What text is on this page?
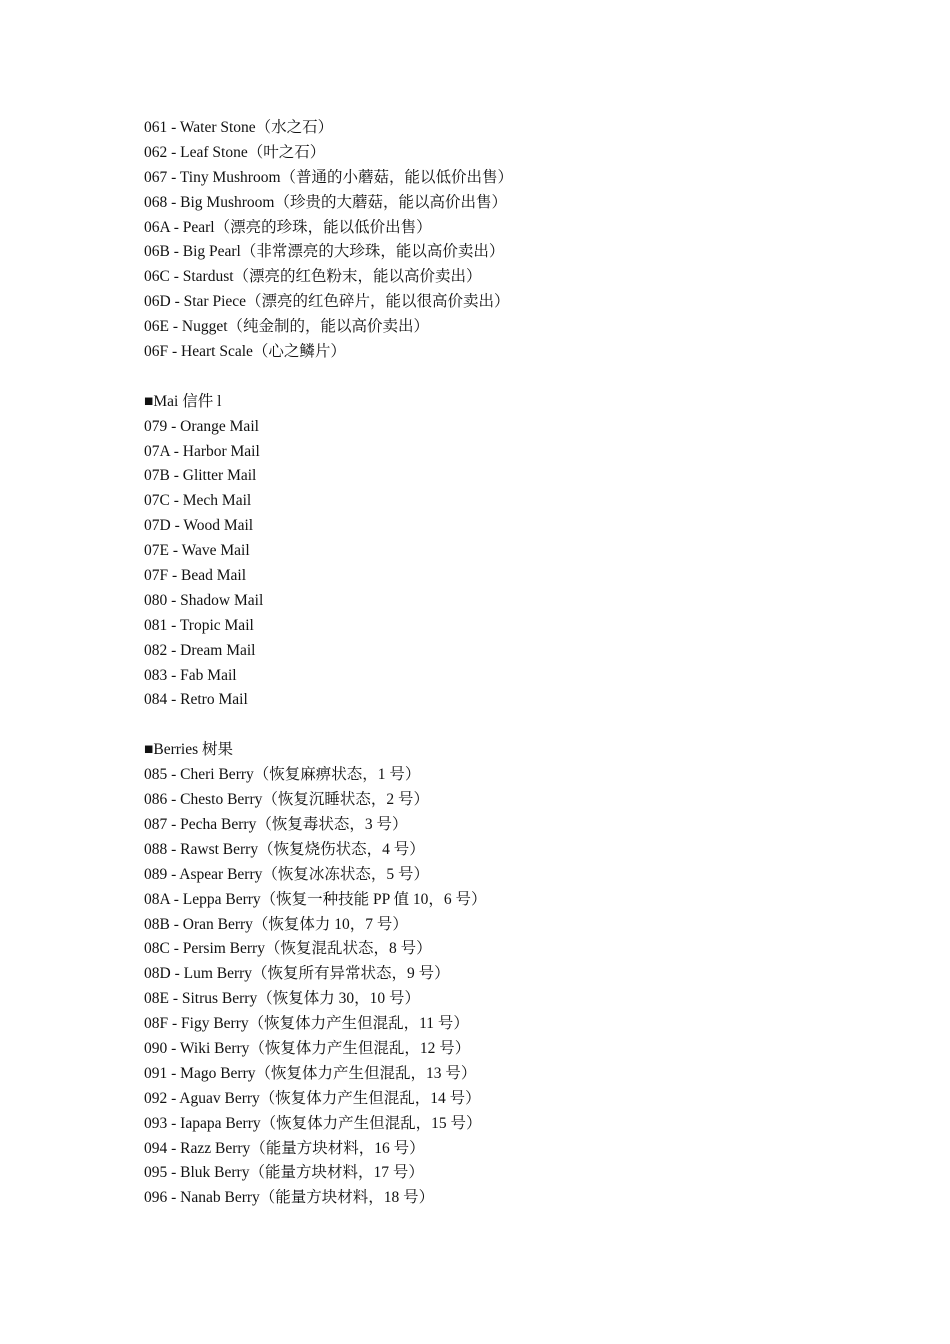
061 - Water Stone（水之石）
062 - Leaf Stone（叶之石）
067 - Tiny Mushroom（普通的小蘑菇，能以低价出售）
068 - Big Mushroom（珍贵的大蘑菇，能以高价出售）
06A - Pearl（漂亮的珍珠，能以低价出售）
06B - Big Pearl（非常漂亮的大珍珠，能以高价卖出）
06C - Stardust（漂亮的红色粉末，能以高价卖出）
06D - Star Piece（漂亮的红色碎片，能以很高价卖出）
06E - Nugget（纯金制的，能以高价卖出）
06F - Heart Scale（心之鳞片）
■Mai 信件 l
079 - Orange Mail
07A - Harbor Mail
07B - Glitter Mail
07C - Mech Mail
07D - Wood Mail
07E - Wave Mail
07F - Bead Mail
080 - Shadow Mail
081 - Tropic Mail
082 - Dream Mail
083 - Fab Mail
084 - Retro Mail
■Berries 树果
085 - Cheri Berry（恢复麻痹状态，1 号）
086 - Chesto Berry（恢复沉睡状态，2 号）
087 - Pecha Berry（恢复毒状态，3 号）
088 - Rawst Berry（恢复烧伤状态，4 号）
089 - Aspear Berry（恢复冰冻状态，5 号）
08A - Leppa Berry（恢复一种技能 PP 值 10，6 号）
08B - Oran Berry（恢复体力 10，7 号）
08C - Persim Berry（恢复混乱状态，8 号）
08D - Lum Berry（恢复所有异常状态，9 号）
08E - Sitrus Berry（恢复体力 30，10 号）
08F - Figy Berry（恢复体力产生但混乱，11 号）
090 - Wiki Berry（恢复体力产生但混乱，12 号）
091 - Mago Berry（恢复体力产生但混乱，13 号）
092 - Aguav Berry（恢复体力产生但混乱，14 号）
093 - Iapapa Berry（恢复体力产生但混乱，15 号）
094 - Razz Berry（能量方块材料，16 号）
095 - Bluk Berry（能量方块材料，17 号）
096 - Nanab Berry（能量方块材料，18 号）
